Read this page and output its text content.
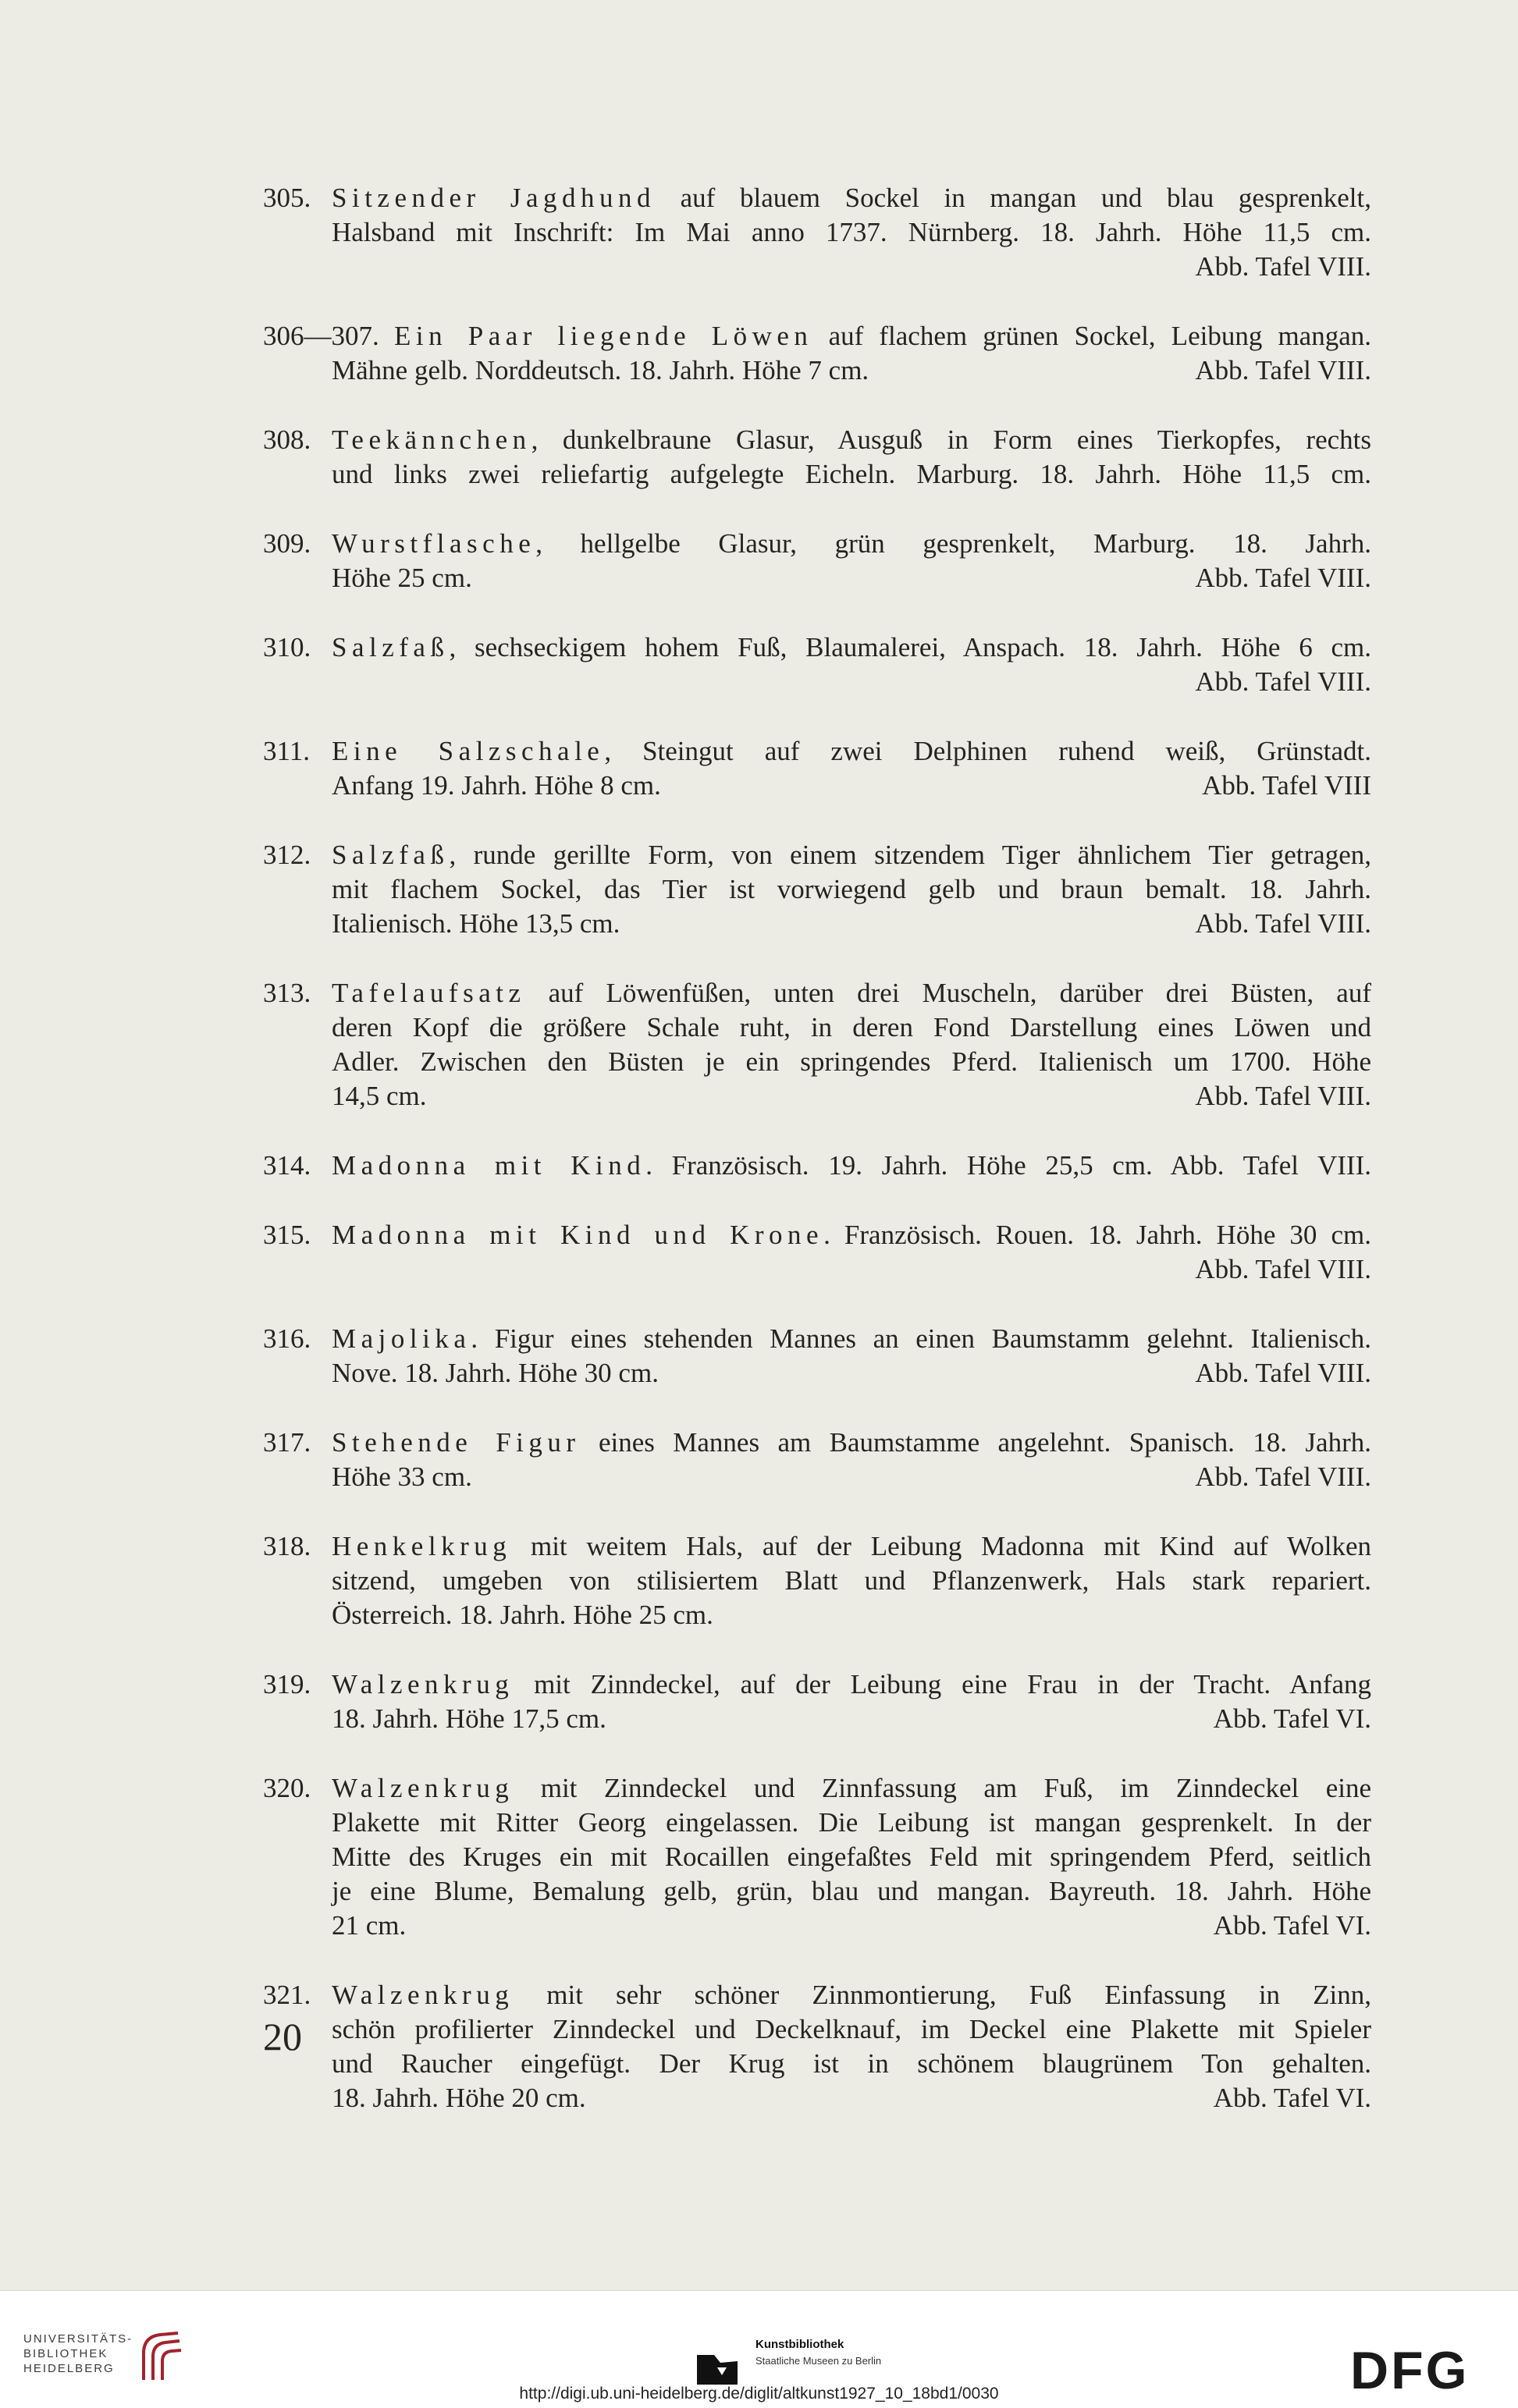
305. Sitzender Jagdhund auf blauem Sockel in mangan und blau gesprenkelt,
Halsband mit Inschrift: Im Mai anno 1737. Nürnberg. 18. Jahrh. Höhe 11,5 cm.
Abb. Tafel VIII.
306—307. Ein Paar liegende Löwen auf flachem grünen Sockel, Leibung mangan.
Mähne gelb. Norddeutsch. 18. Jahrh. Höhe 7 cm.	Abb. Tafel VIII.
308. Teekännchen, dunkelbraune Glasur, Ausguß in Form eines Tierkopfes, rechts
und links zwei reliefartig aufgelegte Eicheln. Marburg. 18. Jahrh. Höhe 11,5 cm.
309. Wurstflasche, hellgelbe Glasur, grün gesprenkelt, Marburg. 18. Jahrh.
Höhe 25 cm.	Abb. Tafel VIII.
310. Salzfaß, sechseckigem hohem Fuß, Blaumalerei, Anspach. 18. Jahrh. Höhe 6 cm.
Abb. Tafel VIII.
311. Eine Salzschale, Steingut auf zwei Delphinen ruhend weiß, Grünstadt.
Anfang 19. Jahrh. Höhe 8 cm.	Abb. Tafel VIII
312. Salzfaß, runde gerillte Form, von einem sitzendem Tiger ähnlichem Tier getragen,
mit flachem Sockel, das Tier ist vorwiegend gelb und braun bemalt. 18. Jahrh.
Italienisch. Höhe 13,5 cm.	Abb. Tafel VIII.
313. Tafelaufsatz auf Löwenfüßen, unten drei Muscheln, darüber drei Büsten, auf
deren Kopf die größere Schale ruht, in deren Fond Darstellung eines Löwen und
Adler. Zwischen den Büsten je ein springendes Pferd. Italienisch um 1700. Höhe
14,5 cm.	Abb. Tafel VIII.
314. Madonna mit Kind. Französisch. 19. Jahrh. Höhe 25,5 cm. Abb. Tafel VIII.
315. Madonna mit Kind und Krone. Französisch. Rouen. 18. Jahrh. Höhe 30 cm.
Abb. Tafel VIII.
316. Majolika. Figur eines stehenden Mannes an einen Baumstamm gelehnt. Italienisch.
Nove. 18. Jahrh. Höhe 30 cm.	Abb. Tafel VIII.
317. Stehende Figur eines Mannes am Baumstamme angelehnt. Spanisch. 18. Jahrh.
Höhe 33 cm.	Abb. Tafel VIII.
318. Henkelkrug mit weitem Hals, auf der Leibung Madonna mit Kind auf Wolken
sitzend, umgeben von stilisiertem Blatt und Pflanzenwerk, Hals stark repariert.
Österreich. 18. Jahrh. Höhe 25 cm.
319. Walzenkrug mit Zinndeckel, auf der Leibung eine Frau in der Tracht. Anfang
18. Jahrh. Höhe 17,5 cm.	Abb. Tafel VI.
320. Walzenkrug mit Zinndeckel und Zinnfassung am Fuß, im Zinndeckel eine
Plakette mit Ritter Georg eingelassen. Die Leibung ist mangan gesprenkelt. In der
Mitte des Kruges ein mit Rocaillen eingefaßtes Feld mit springendem Pferd, seitlich
je eine Blume, Bemalung gelb, grün, blau und mangan. Bayreuth. 18. Jahrh. Höhe
21 cm.	Abb. Tafel VI.
321. Walzenkrug mit sehr schöner Zinnmontierung, Fuß Einfassung in Zinn,
schön profilierter Zinndeckel und Deckelknauf, im Deckel eine Plakette mit Spieler
und Raucher eingefügt. Der Krug ist in schönem blaugrünem Ton gehalten.
18. Jahrh. Höhe 20 cm.	Abb. Tafel VI.
20
UNIVERSITÄTS-
BIBLIOTHEK
HEIDELBERG
Kunstbibliothek
Staatliche Museen zu Berlin	DFG
http://digi.ub.uni-heidelberg.de/diglit/altkunst1927_10_18bd1/0030
